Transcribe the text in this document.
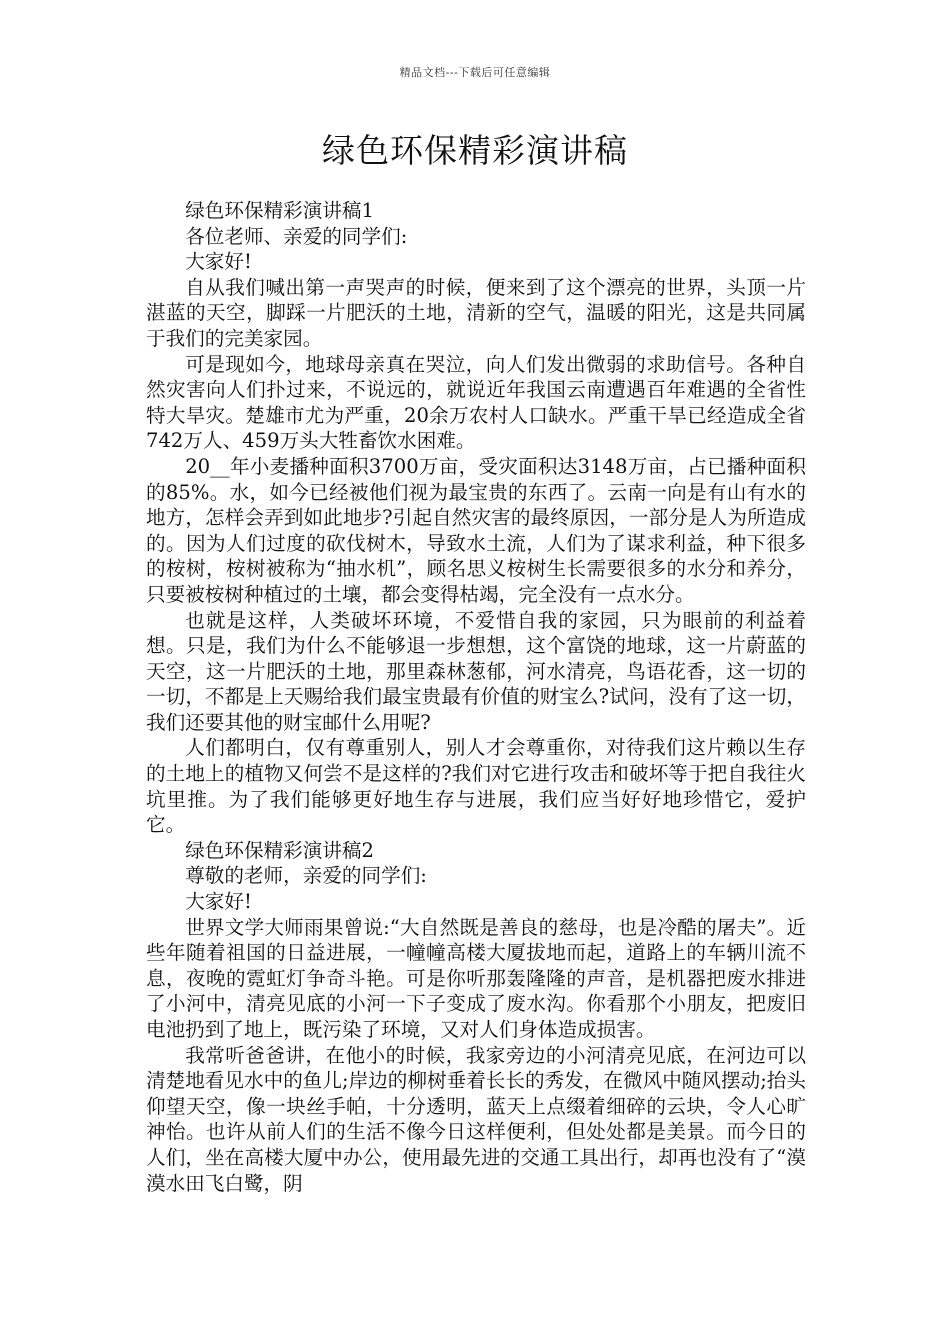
精品文档---下载后可任意编辑
绿色环保精彩演讲稿

绿色环保精彩演讲稿1

各位老师、亲爱的同学们:

大家好!

自从我们喊出第一声哭声的时候，便来到了这个漂亮的世界，头顶一片湛蓝的天空，脚踩一片肥沃的土地，清新的空气，温暖的阳光，这是共同属于我们的完美家园。

可是现如今，地球母亲真在哭泣，向人们发出微弱的求助信号。各种自然灾害向人们扑过来，不说远的，就说近年我国云南遭遇百年难遇的全省性特大旱灾。楚雄市尤为严重，20余万农村人口缺水。严重干旱已经造成全省742万人、459万头大牲畜饮水困难。

20__年小麦播种面积3700万亩，受灾面积达3148万亩，占已播种面积的85%。水，如今已经被他们视为最宝贵的东西了。云南一向是有山有水的地方，怎样会弄到如此地步?引起自然灾害的最终原因，一部分是人为所造成的。因为人们过度的砍伐树木，导致水土流，人们为了谋求利益，种下很多的桉树，桉树被称为“抽水机”，顾名思义桉树生长需要很多的水分和养分，只要被桉树种植过的土壤，都会变得枯竭，完全没有一点水分。

也就是这样，人类破坏环境，不爱惜自我的家园，只为眼前的利益着想。只是，我们为什么不能够退一步想想，这个富饶的地球，这一片蔚蓝的天空，这一片肥沃的土地，那里森林葱郁，河水清亮，鸟语花香，这一切的一切，不都是上天赐给我们最宝贵最有价值的财宝么?试问，没有了这一切，我们还要其他的财宝邮什么用呢?

人们都明白，仅有尊重别人，别人才会尊重你，对待我们这片赖以生存的土地上的植物又何尝不是这样的?我们对它进行攻击和破坏等于把自我往火坑里推。为了我们能够更好地生存与进展，我们应当好好地珍惜它，爱护它。

绿色环保精彩演讲稿2

尊敬的老师，亲爱的同学们:

大家好!

世界文学大师雨果曾说:“大自然既是善良的慈母，也是冷酷的屠夫”。近些年随着祖国的日益进展，一幢幢高楼大厦拔地而起，道路上的车辆川流不息，夜晚的霓虹灯争奇斗艳。可是你听那轰隆隆的声音，是机器把废水排进了小河中，清亮见底的小河一下子变成了废水沟。你看那个小朋友，把废旧电池扔到了地上，既污染了环境，又对人们身体造成损害。

我常听爸爸讲，在他小的时候，我家旁边的小河清亮见底，在河边可以清楚地看见水中的鱼儿;岸边的柳树垂着长长的秀发，在微风中随风摆动;抬头仰望天空，像一块丝手帕，十分透明，蓝天上点缀着细碎的云块，令人心旷神怡。也许从前人们的生活不像今日这样便利，但处处都是美景。而今日的人们，坐在高楼大厦中办公，使用最先进的交通工具出行，却再也没有了“漠漠水田飞白鹭，阴
